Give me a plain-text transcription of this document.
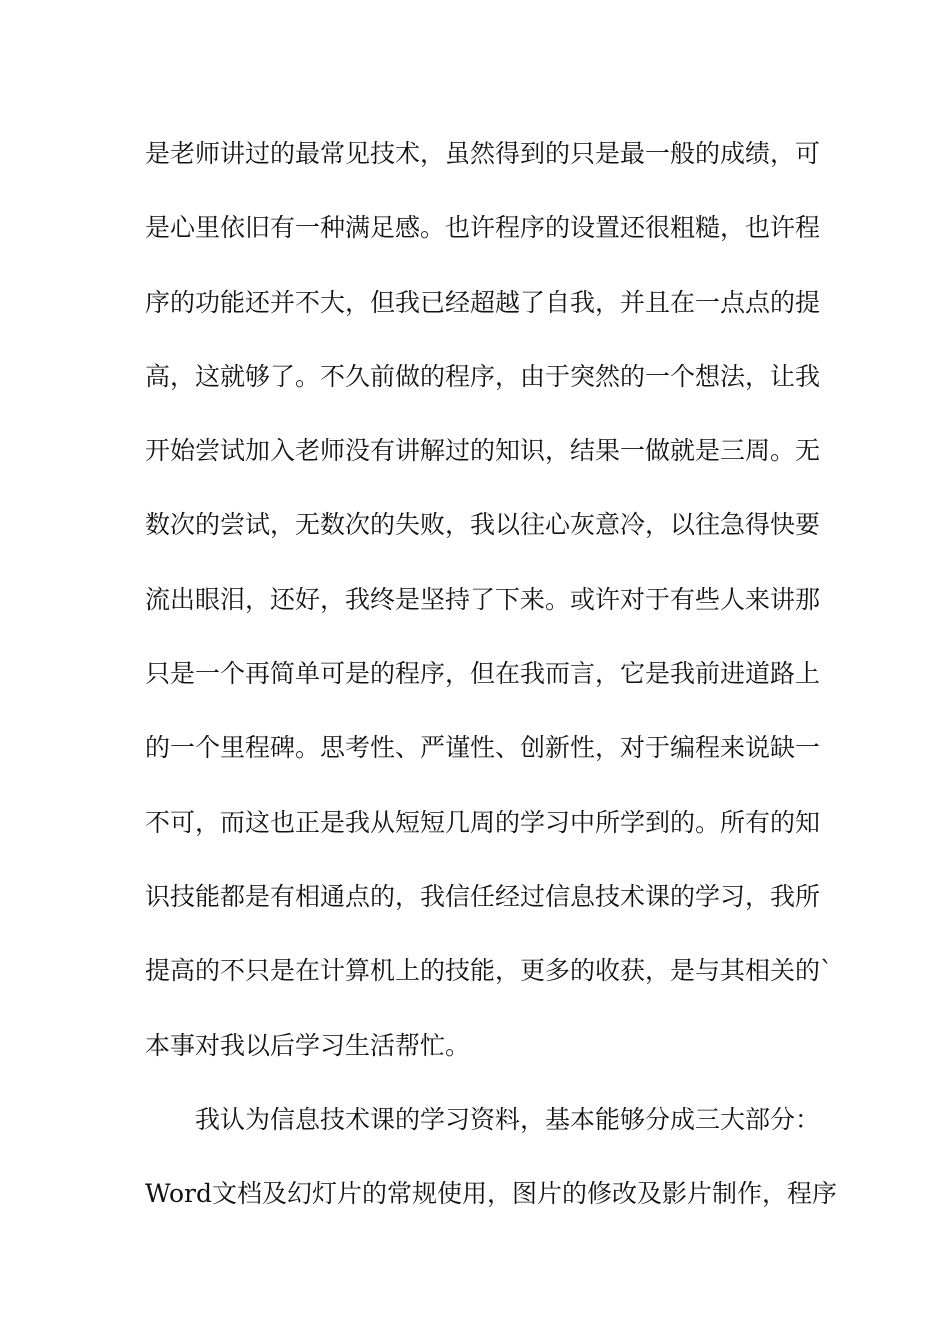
是老师讲过的最常见技术，虽然得到的只是最一般的成绩，可
是心里依旧有一种满足感。也许程序的设置还很粗糙，也许程
序的功能还并不大，但我已经超越了自我，并且在一点点的提
高，这就够了。不久前做的程序，由于突然的一个想法，让我
开始尝试加入老师没有讲解过的知识，结果一做就是三周。无
数次的尝试，无数次的失败，我以往心灰意冷，以往急得快要
流出眼泪，还好，我终是坚持了下来。或许对于有些人来讲那
只是一个再简单可是的程序，但在我而言，它是我前进道路上
的一个里程碑。思考性、严谨性、创新性，对于编程来说缺一
不可，而这也正是我从短短几周的学习中所学到的。所有的知
识技能都是有相通点的，我信任经过信息技术课的学习，我所
提高的不只是在计算机上的技能，更多的收获，是与其相关的`
本事对我以后学习生活帮忙。
我认为信息技术课的学习资料，基本能够分成三大部分：
Word文档及幻灯片的常规使用，图片的修改及影片制作，程序
